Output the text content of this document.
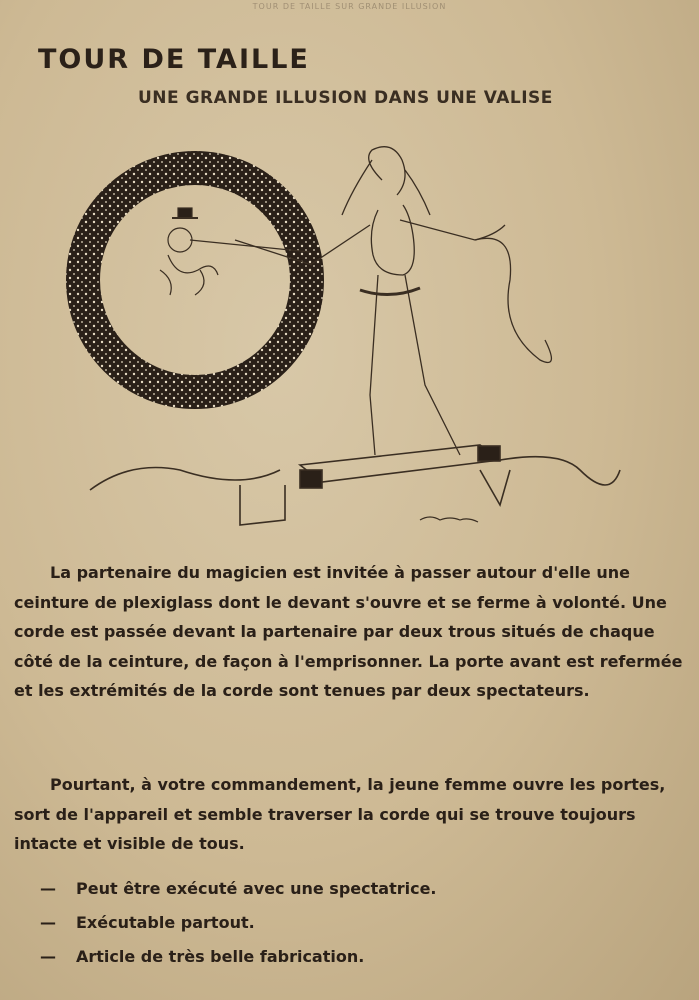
TOUR DE TAILLE SUR GRANDE ILLUSION
TOUR DE TAILLE
UNE GRANDE ILLUSION DANS UNE VALISE

La partenaire du magicien est invitée à passer autour d'elle une ceinture de plexiglass dont le devant s'ouvre et se ferme à volonté. Une corde est passée devant la partenaire par deux trous situés de chaque côté de la ceinture, de façon à l'emprisonner. La porte avant est refermée et les extrémités de la corde sont tenues par deux spectateurs.

Pourtant, à votre commandement, la jeune femme ouvre les portes, sort de l'appareil et semble traverser la corde qui se trouve toujours intacte et visible de tous.

— Peut être exécuté avec une spectatrice.
— Exécutable partout.
— Article de très belle fabrication.
